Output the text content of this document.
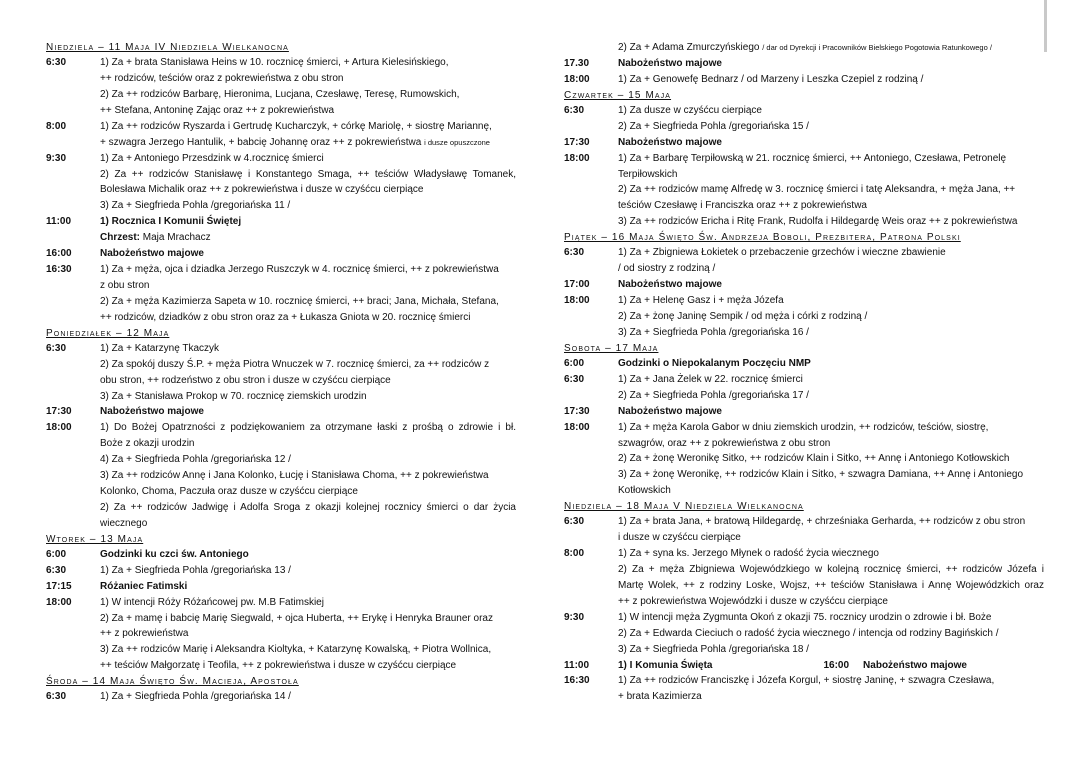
Niedziela – 11 Maja IV Niedziela Wielkanocna
6:30	1) Za + brata Stanisława Heins w 10. rocznicę śmierci, + Artura Kielesińskiego,
++ rodziców, teściów oraz z pokrewieństwa z obu stron
2) Za ++ rodziców Barbarę, Hieronima, Lucjana, Czesławę, Teresę, Rumowskich,
++ Stefana, Antoninę Zając oraz ++ z pokrewieństwa
8:00	1) Za ++ rodziców Ryszarda i Gertrudę Kucharczyk, + córkę Mariolę, + siostrę Mariannę,
+ szwagra Jerzego Hantulik, + babcię Johannę oraz ++ z pokrewieństwa i dusze opuszczone
9:30	1) Za + Antoniego Przesdzink w 4.rocznicę śmierci
2) Za ++ rodziców Stanisławę i Konstantego Smaga, ++ teściów Władysławę Tomanek,
Bolesława Michalik oraz ++ z pokrewieństwa i dusze w czyśćcu cierpiące
3) Za + Siegfrieda Pohla /gregoriańska 11 /
11:00	1) Rocznica I Komunii Świętej
Chrzest: Maja Mrachacz
16:00	Nabożeństwo majowe
16:30	1) Za + męża, ojca i dziadka Jerzego Ruszczyk w 4. rocznicę śmierci, ++ z pokrewieństwa
z obu stron
2) Za + męża Kazimierza Sapeta w 10. rocznicę śmierci, ++ braci; Jana, Michała, Stefana,
++ rodziców, dziadków z obu stron oraz za + Łukasza Gniota w 20. rocznicę śmierci
Poniedziałek – 12 Maja
6:30	1) Za + Katarzynę Tkaczyk
2) Za spokój duszy Ś.P. + męża Piotra Wnuczek w 7. rocznicę śmierci, za ++ rodziców z
obu stron, ++ rodzeństwo z obu stron i dusze w czyśćcu cierpiące
3) Za + Stanisława Prokop w 70. rocznicę ziemskich urodzin
17:30	Nabożeństwo majowe
18:00	1) Do Bożej Opatrzności z podziękowaniem za otrzymane łaski z prośbą o zdrowie i bł.
Boże z okazji urodzin
4) Za + Siegfrieda Pohla /gregoriańska 12 /
3) Za ++ rodziców Annę i Jana Kolonko, Łucję i Stanisława Choma, ++ z pokrewieństwa
Kolonko, Choma, Paczuła oraz dusze w czyśćcu cierpiące
2) Za ++ rodziców Jadwigę i Adolfa Sroga z okazji kolejnej rocznicy śmierci o dar życia
wiecznego
Wtorek – 13 Maja
6:00	Godzinki ku czci św. Antoniego
6:30	1) Za + Siegfrieda Pohla /gregoriańska 13 /
17:15	Różaniec Fatimski
18:00	1) W intencji Róży Różańcowej pw. M.B Fatimskiej
2) Za + mamę i babcię Marię Siegwald, + ojca Huberta, ++ Erykę i Henryka Brauner oraz
++ z pokrewieństwa
3) Za ++ rodziców Marię i Aleksandra Kioltyka, + Katarzynę Kowalską, + Piotra Wollnica,
++ teściów Małgorzatę i Teofila, ++ z pokrewieństwa i dusze w czyśćcu cierpiące
Środa – 14 Maja Święto Św. Macieja, Apostoła
6:30	1) Za + Siegfrieda Pohla /gregoriańska 14 /
2) Za + Adama Zmurczyńskiego / dar od Dyrekcji i Pracowników Bielskiego Pogotowia Ratunkowego /
17.30	Nabożeństwo majowe
18:00	1) Za + Genowefę Bednarz / od Marzeny i Leszka Czepiel z rodziną /
Czwartek – 15 Maja
6:30	1) Za dusze w czyśćcu cierpiące
2) Za + Siegfrieda Pohla /gregoriańska 15 /
17:30	Nabożeństwo majowe
18:00	1) Za + Barbarę Terpiłowską w 21. rocznicę śmierci, ++ Antoniego, Czesława, Petronelę
Terpiłowskich
2) Za ++ rodziców mamę Alfredę w 3. rocznicę śmierci i tatę Aleksandra, + męża Jana, ++
teściów Czesławę i Franciszka oraz ++ z pokrewieństwa
3) Za ++ rodziców Ericha i Ritę Frank, Rudolfa i Hildegardę Weis oraz ++ z pokrewieństwa
Piątek – 16 Maja Święto Św. Andrzeja Boboli, Prezbitera, Patrona Polski
6:30	1) Za + Zbigniewa Łokietek o przebaczenie grzechów i wieczne zbawienie
/ od siostry z rodziną /
17:00	Nabożeństwo majowe
18:00	1) Za + Helenę Gasz i + męża Józefa
2) Za + żonę Janinę Sempik / od męża i córki z rodziną /
3) Za + Siegfrieda Pohla /gregoriańska 16 /
Sobota – 17 Maja
6:00	Godzinki o Niepokalanym Poczęciu NMP
6:30	1) Za + Jana Żelek w 22. rocznicę śmierci
2) Za + Siegfrieda Pohla /gregoriańska 17 /
17:30	Nabożeństwo majowe
18:00	1) Za + męża Karola Gabor w dniu ziemskich urodzin, ++ rodziców, teściów, siostrę,
szwagrów, oraz ++ z pokrewieństwa z obu stron
2) Za + żonę Weronikę Sitko, ++ rodziców Klain i Sitko, ++ Annę i Antoniego Kotłowskich
3) Za + żonę Weronikę, ++ rodziców Klain i Sitko, + szwagra Damiana, ++ Annę i Antoniego
Kotłowskich
Niedziela – 18 Maja V Niedziela Wielkanocna
6:30	1) Za + brata Jana, + bratową Hildegardę, + chrześniaka Gerharda, ++ rodziców z obu stron
i dusze w czyśćcu cierpiące
8:00	1) Za + syna ks. Jerzego Młynek o radość życia wiecznego
2) Za + męża Zbigniewa Wojewódzkiego w kolejną rocznicę śmierci, ++ rodziców Józefa i
Martę Wolek, ++ z rodziny Loske, Wojsz, ++ teściów Stanisława i Annę Wojewódzkich oraz
++ z pokrewieństwa Wojewódzki i dusze w czyśćcu cierpiące
9:30	1) W intencji męża Zygmunta Okoń z okazji 75. rocznicy urodzin o zdrowie i bł. Boże
2) Za + Edwarda Cieciuch o radość życia wiecznego / intencja od rodziny Bagińskich /
3) Za + Siegfrieda Pohla /gregoriańska 18 /
11:00	1) I Komunia Święta	16:00 Nabożeństwo majowe
16:30	1) Za ++ rodziców Franciszkę i Józefa Korgul, + siostrę Janinę, + szwagra Czesława,
+ brata Kazimierza
